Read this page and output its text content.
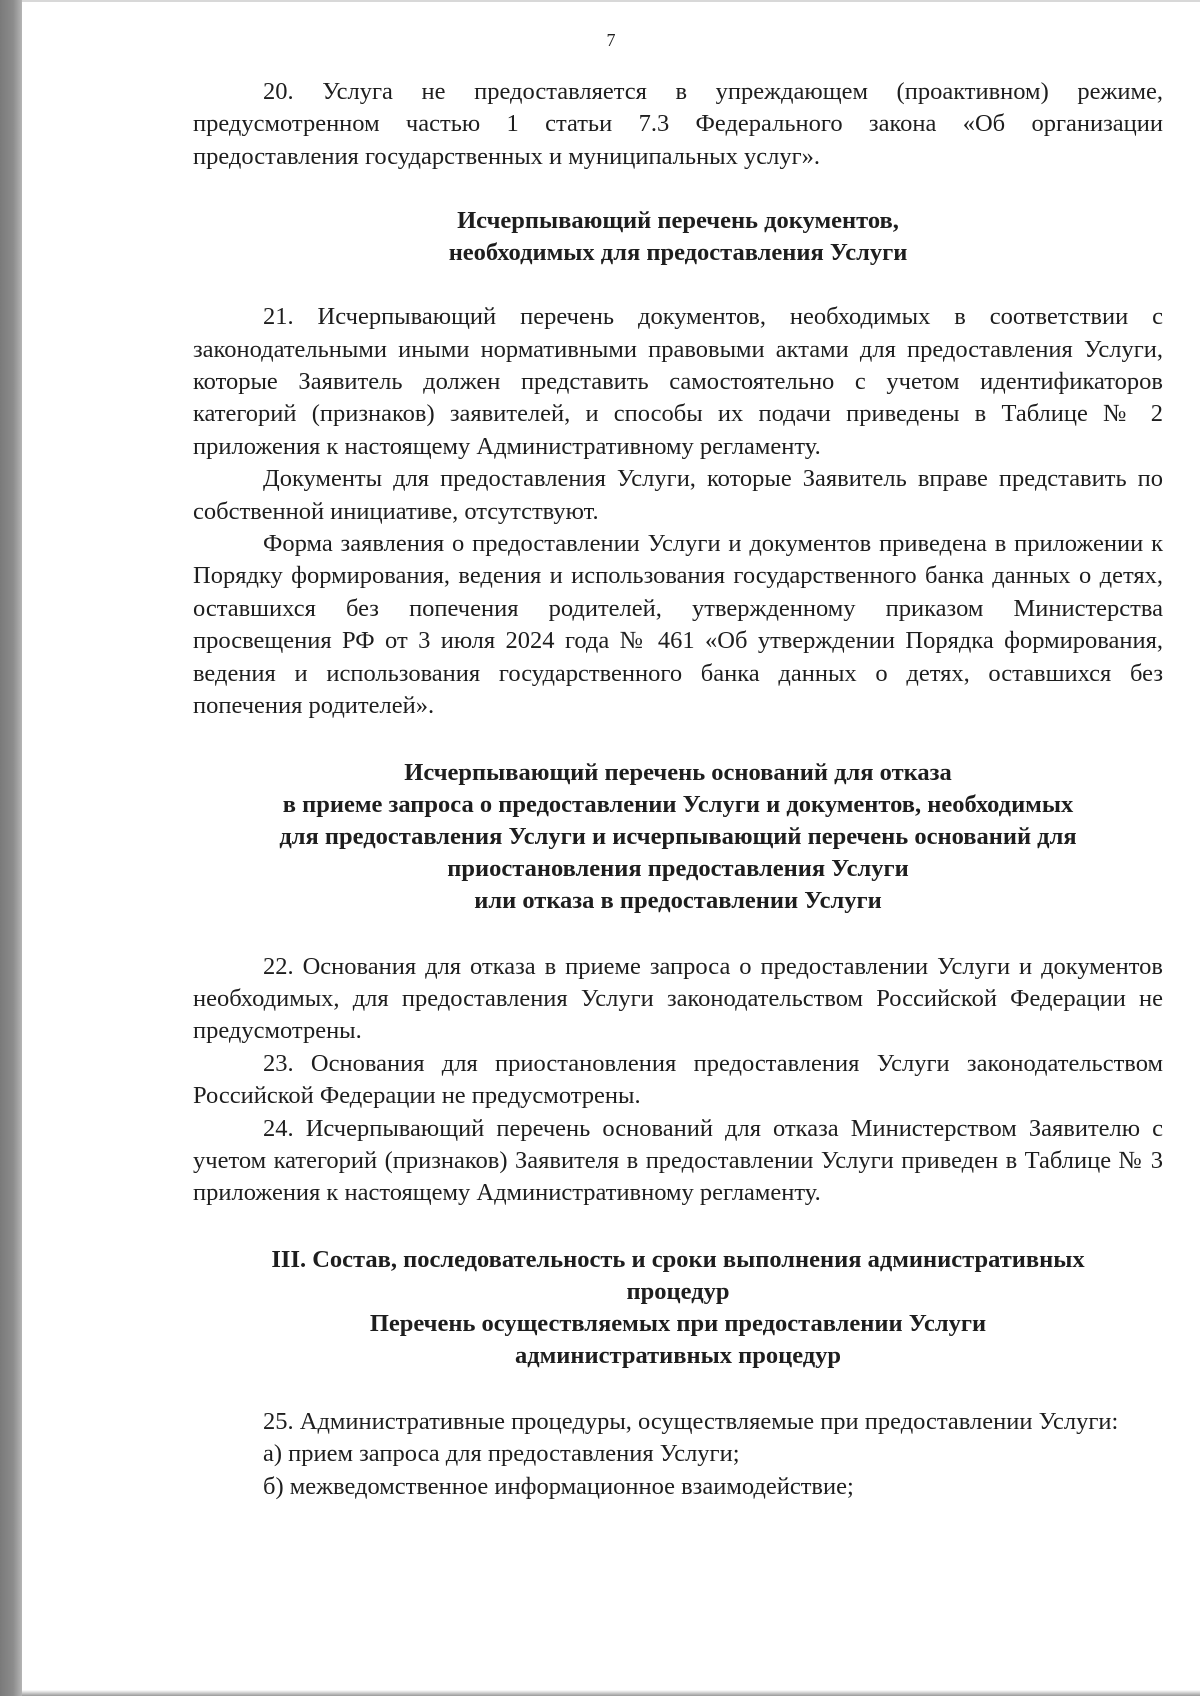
7

20. Услуга не предоставляется в упреждающем (проактивном) режиме, предусмотренном частью 1 статьи 7.3 Федерального закона «Об организации предоставления государственных и муниципальных услуг».

Исчерпывающий перечень документов,
необходимых для предоставления Услуги

21. Исчерпывающий перечень документов, необходимых в соответствии с законодательными иными нормативными правовыми актами для предоставления Услуги, которые Заявитель должен представить самостоятельно с учетом идентификаторов категорий (признаков) заявителей, и способы их подачи приведены в Таблице № 2 приложения к настоящему Административному регламенту.

Документы для предоставления Услуги, которые Заявитель вправе представить по собственной инициативе, отсутствуют.

Форма заявления о предоставлении Услуги и документов приведена в приложении к Порядку формирования, ведения и использования государственного банка данных о детях, оставшихся без попечения родителей, утвержденному приказом Министерства просвещения РФ от 3 июля 2024 года № 461 «Об утверждении Порядка формирования, ведения и использования государственного банка данных о детях, оставшихся без попечения родителей».

Исчерпывающий перечень оснований для отказа
в приеме запроса о предоставлении Услуги и документов, необходимых
для предоставления Услуги и исчерпывающий перечень оснований для
приостановления предоставления Услуги
или отказа в предоставлении Услуги

22. Основания для отказа в приеме запроса о предоставлении Услуги и документов необходимых, для предоставления Услуги законодательством Российской Федерации не предусмотрены.

23. Основания для приостановления предоставления Услуги законодательством Российской Федерации не предусмотрены.

24. Исчерпывающий перечень оснований для отказа Министерством Заявителю с учетом категорий (признаков) Заявителя в предоставлении Услуги приведен в Таблице № 3 приложения к настоящему Административному регламенту.

III. Состав, последовательность и сроки выполнения административных
процедур
Перечень осуществляемых при предоставлении Услуги
административных процедур

25. Административные процедуры, осуществляемые при предоставлении Услуги:

а) прием запроса для предоставления Услуги;

б) межведомственное информационное взаимодействие;
